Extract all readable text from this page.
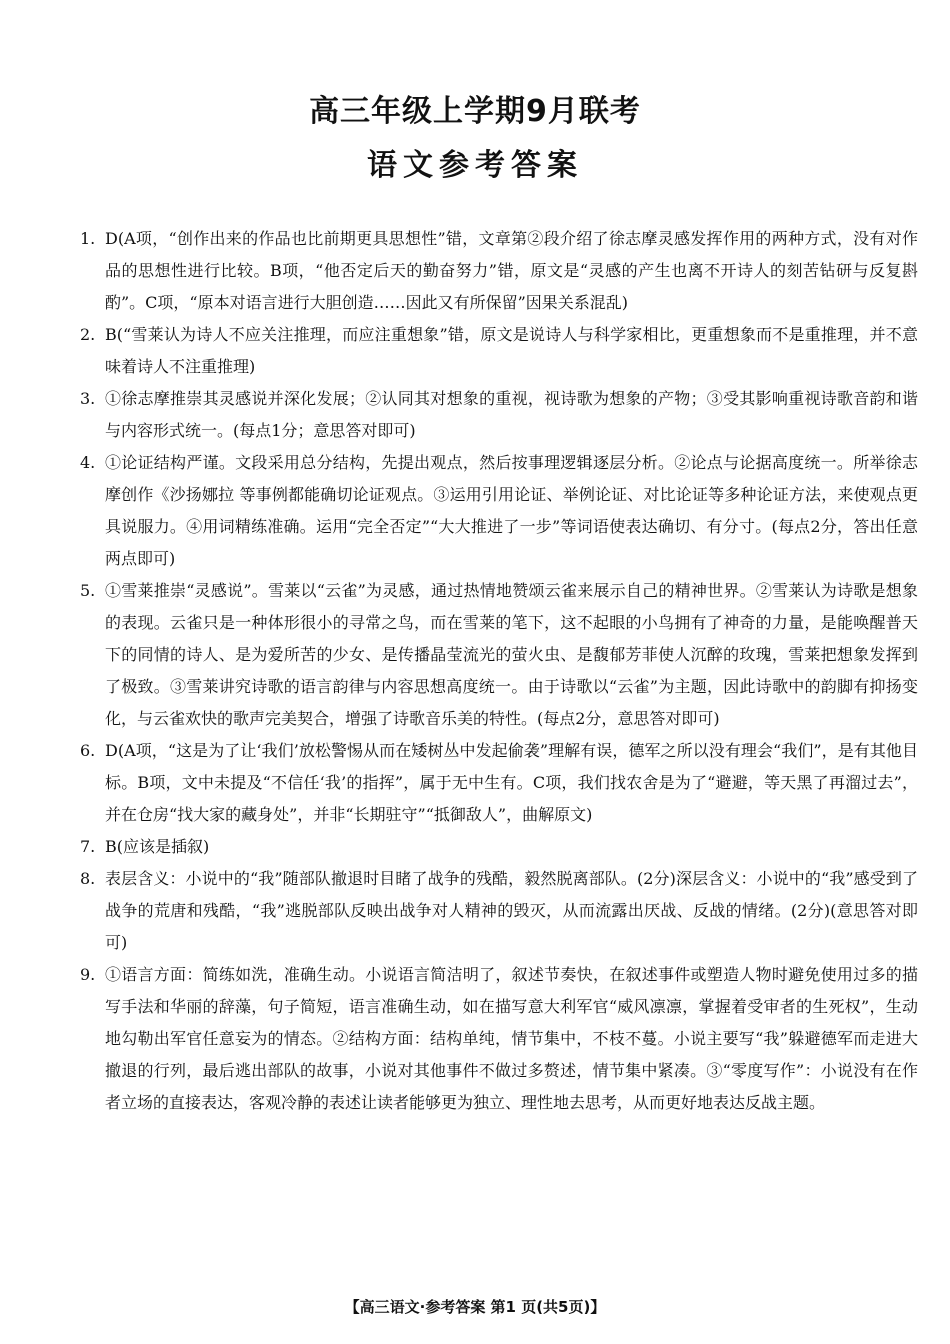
高三年级上学期9月联考
语文参考答案
1. D(A项，“创作出来的作品也比前期更具思想性”错，文章第②段介绍了徐志摩灵感发挥作用的两种方式，没有对作品的思想性进行比较。B项，“他否定后天的勤奋努力”错，原文是“灵感的产生也离不开诗人的刻苦钻研与反复斟酌”。C项，“原本对语言进行大胆创造……因此又有所保留”因果关系混乱)
2. B(“雪莱认为诗人不应关注推理，而应注重想象”错，原文是说诗人与科学家相比，更重想象而不是重推理，并不意味着诗人不注重推理)
3. ①徐志摩推崇其灵感说并深化发展；②认同其对想象的重视，视诗歌为想象的产物；③受其影响重视诗歌音韵和谐与内容形式统一。(每点1分；意思答对即可)
4. ①论证结构严谨。文段采用总分结构，先提出观点，然后按事理逻辑逐层分析。②论点与论据高度统一。所举徐志摩创作《沙扬娜拉 等事例都能确切论证观点。③运用引用论证、举例论证、对比论证等多种论证方法，来使观点更具说服力。④用词精练准确。运用“完全否定”“大大推进了一步”等词语使表达确切、有分寸。(每点2分，答出任意两点即可)
5. ①雪莱推崇“灵感说”。雪莱以“云雀”为灵感，通过热情地赞颂云雀来展示自己的精神世界。②雪莱认为诗歌是想象的表现。云雀只是一种体形很小的寻常之鸟，而在雪莱的笔下，这不起眼的小鸟拥有了神奇的力量，是能唤醒普天下的同情的诗人、是为爱所苦的少女、是传播晶莹流光的萤火虫、是馥郁芳菲使人沉醉的玫瑰，雪莱把想象发挥到了极致。③雪莱讲究诗歌的语言韵律与内容思想高度统一。由于诗歌以“云雀”为主题，因此诗歌中的韵脚有抑扬变化，与云雀欢快的歌声完美契合，增强了诗歌音乐美的特性。(每点2分，意思答对即可)
6. D(A项，“这是为了让‘我们’放松警惕从而在矮树丛中发起偷袭”理解有误，德军之所以没有理会“我们”，是有其他目标。B项，文中未提及“不信任‘我’的指挥”，属于无中生有。C项，我们找农舍是为了“避避，等天黑了再溜过去”，并在仓房“找大家的藏身处”，并非“长期驻守”“抵御敌人”，曲解原文)
7. B(应该是插叙)
8. 表层含义：小说中的“我”随部队撤退时目睹了战争的残酷，毅然脱离部队。(2分)深层含义：小说中的“我”感受到了战争的荒唐和残酷，“我”逃脱部队反映出战争对人精神的毁灭，从而流露出厌战、反战的情绪。(2分)(意思答对即可)
9. ①语言方面：简练如洗，准确生动。小说语言简洁明了，叙述节奏快，在叙述事件或塑造人物时避免使用过多的描写手法和华丽的辞藻，句子简短，语言准确生动，如在描写意大利军官“威风凛凛，掌握着受审者的生死权”，生动地勾勒出军官任意妄为的情态。②结构方面：结构单纯，情节集中，不枝不蔓。小说主要写“我”躲避德军而走进大撤退的行列，最后逃出部队的故事，小说对其他事件不做过多赘述，情节集中紧凑。③“零度写作”：小说没有在作者立场的直接表达，客观冷静的表述让读者能够更为独立、理性地去思考，从而更好地表达反战主题。
【高三语文·参考答案 第1 页(共5页)】
